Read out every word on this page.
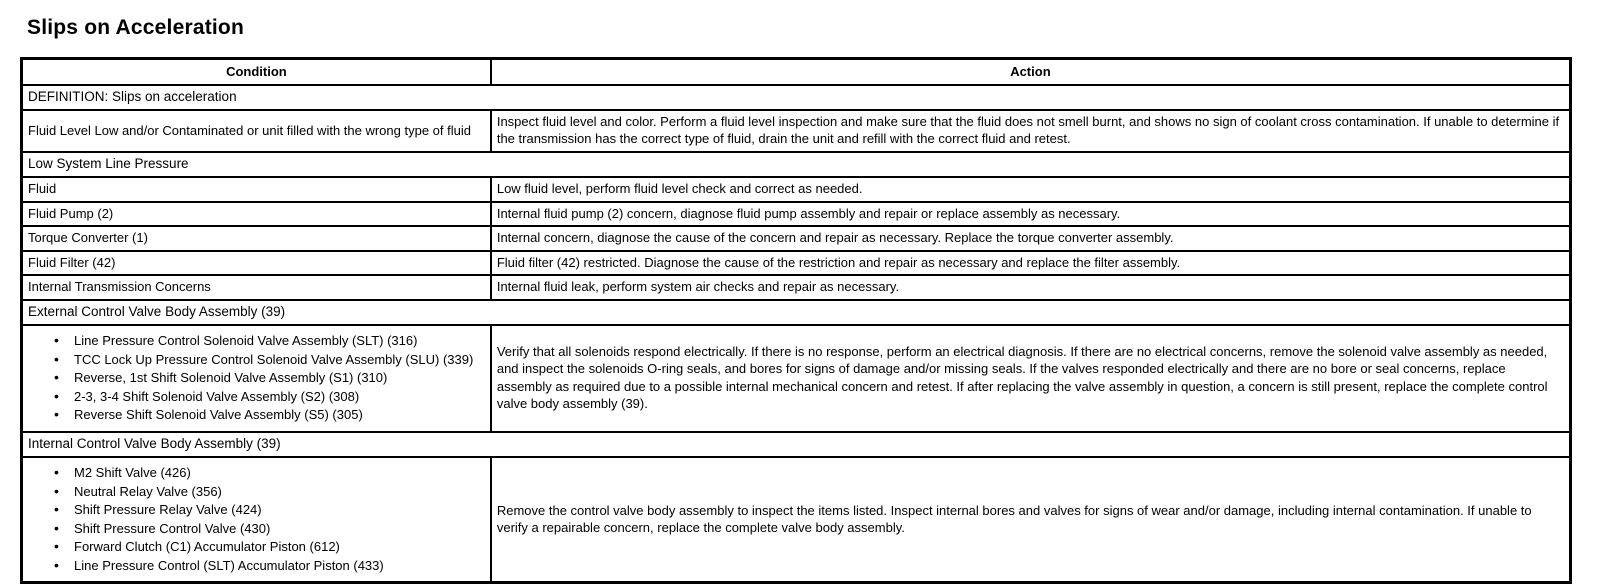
Slips on Acceleration
Condition	Action
DEFINITION: Slips on acceleration	
Fluid Level Low and/or Contaminated or unit filled with the wrong type of fluid	Inspect fluid level and color. Perform a fluid level inspection and make sure that the fluid does not smell burnt, and shows no sign of coolant cross contamination. If unable to determine if the transmission has the correct type of fluid, drain the unit and refill with the correct fluid and retest.
Low System Line Pressure	
Fluid	Low fluid level, perform fluid level check and correct as needed.
Fluid Pump (2)	Internal fluid pump (2) concern, diagnose fluid pump assembly and repair or replace assembly as necessary.
Torque Converter (1)	Internal concern, diagnose the cause of the concern and repair as necessary. Replace the torque converter assembly.
Fluid Filter (42)	Fluid filter (42) restricted. Diagnose the cause of the restriction and repair as necessary and replace the filter assembly.
Internal Transmission Concerns	Internal fluid leak, perform system air checks and repair as necessary.
External Control Valve Body Assembly (39)	

• Line Pressure Control Solenoid Valve Assembly (SLT) (316)
• TCC Lock Up Pressure Control Solenoid Valve Assembly (SLU) (339)
• Reverse, 1st Shift Solenoid Valve Assembly (S1) (310)
• 2-3, 3-4 Shift Solenoid Valve Assembly (S2) (308)
• Reverse Shift Solenoid Valve Assembly (S5) (305)
	Verify that all solenoids respond electrically. If there is no response, perform an electrical diagnosis. If there are no electrical concerns, remove the solenoid valve assembly as needed, and inspect the solenoids O-ring seals, and bores for signs of damage and/or missing seals. If the valves responded electrically and there are no bore or seal concerns, replace assembly as required due to a possible internal mechanical concern and retest. If after replacing the valve assembly in question, a concern is still present, replace the complete control valve body assembly (39).
Internal Control Valve Body Assembly (39)	

• M2 Shift Valve (426)
• Neutral Relay Valve (356)
• Shift Pressure Relay Valve (424)
• Shift Pressure Control Valve (430)
• Forward Clutch (C1) Accumulator Piston (612)
• Line Pressure Control (SLT) Accumulator Piston (433)
	Remove the control valve body assembly to inspect the items listed. Inspect internal bores and valves for signs of wear and/or damage, including internal contamination. If unable to verify a repairable concern, replace the complete valve body assembly.
